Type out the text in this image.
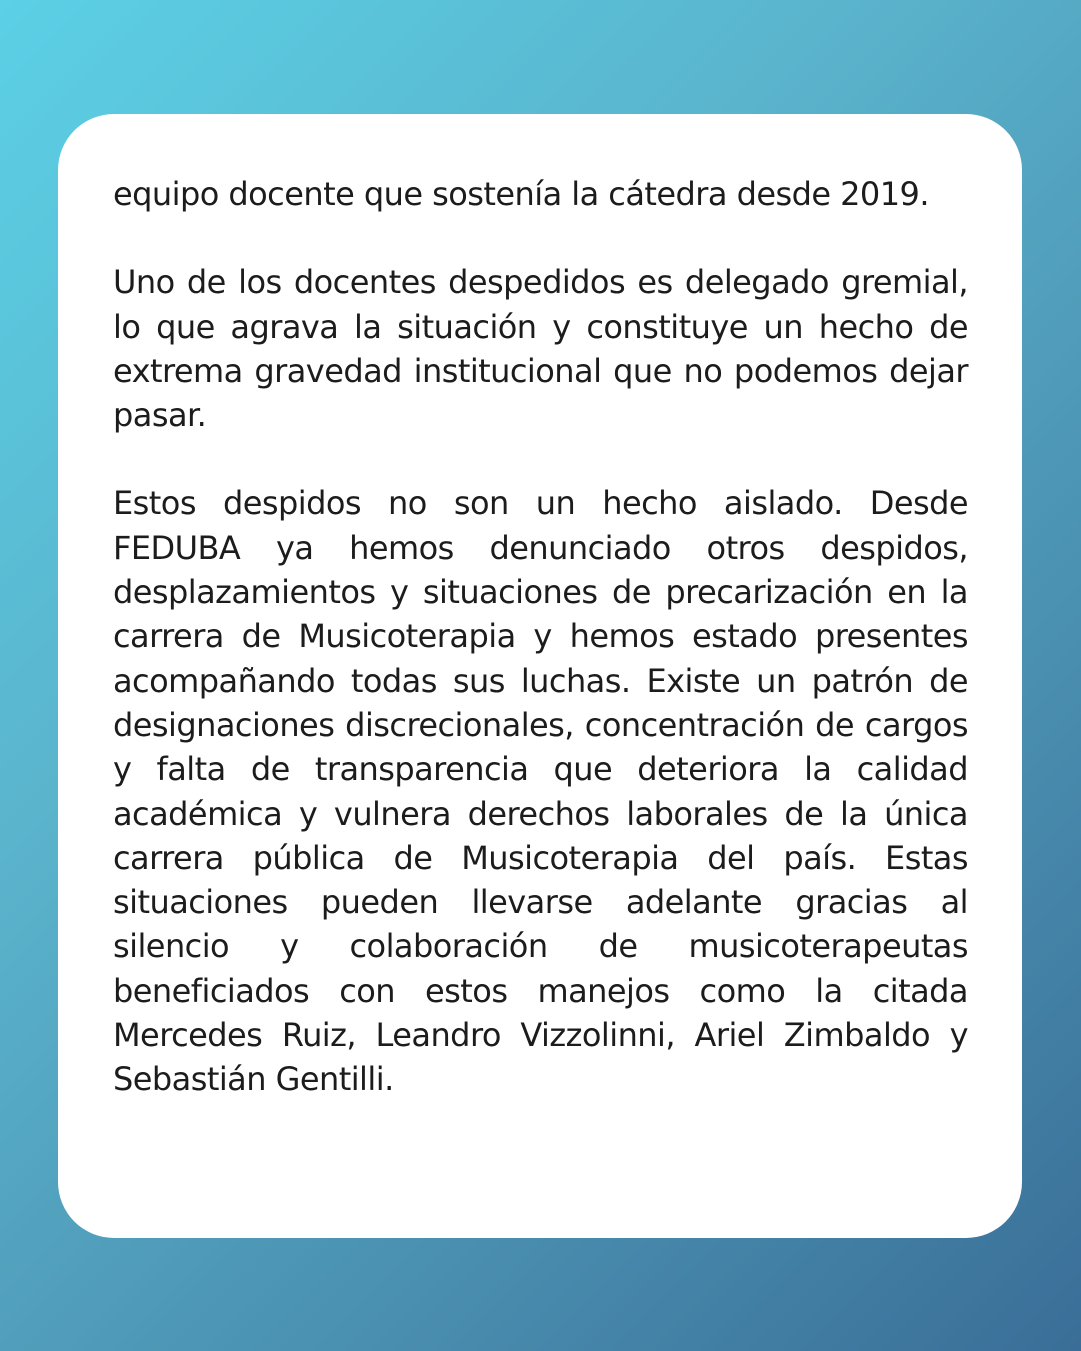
equipo docente que sostenía la cátedra desde 2019.

Uno de los docentes despedidos es delegado gremial, lo que agrava la situación y constituye un hecho de extrema gravedad institucional que no podemos dejar pasar.

Estos despidos no son un hecho aislado. Desde FEDUBA ya hemos denunciado otros despidos, desplazamientos y situaciones de precarización en la carrera de Musicoterapia y hemos estado presentes acompañando todas sus luchas. Existe un patrón de designaciones discrecionales, concentración de cargos y falta de transparencia que deteriora la calidad académica y vulnera derechos laborales de la única carrera pública de Musicoterapia del país. Estas situaciones pueden llevarse adelante gracias al silencio y colaboración de musicoterapeutas beneficiados con estos manejos como la citada Mercedes Ruiz, Leandro Vizzolinni, Ariel Zimbaldo y Sebastián Gentilli.
